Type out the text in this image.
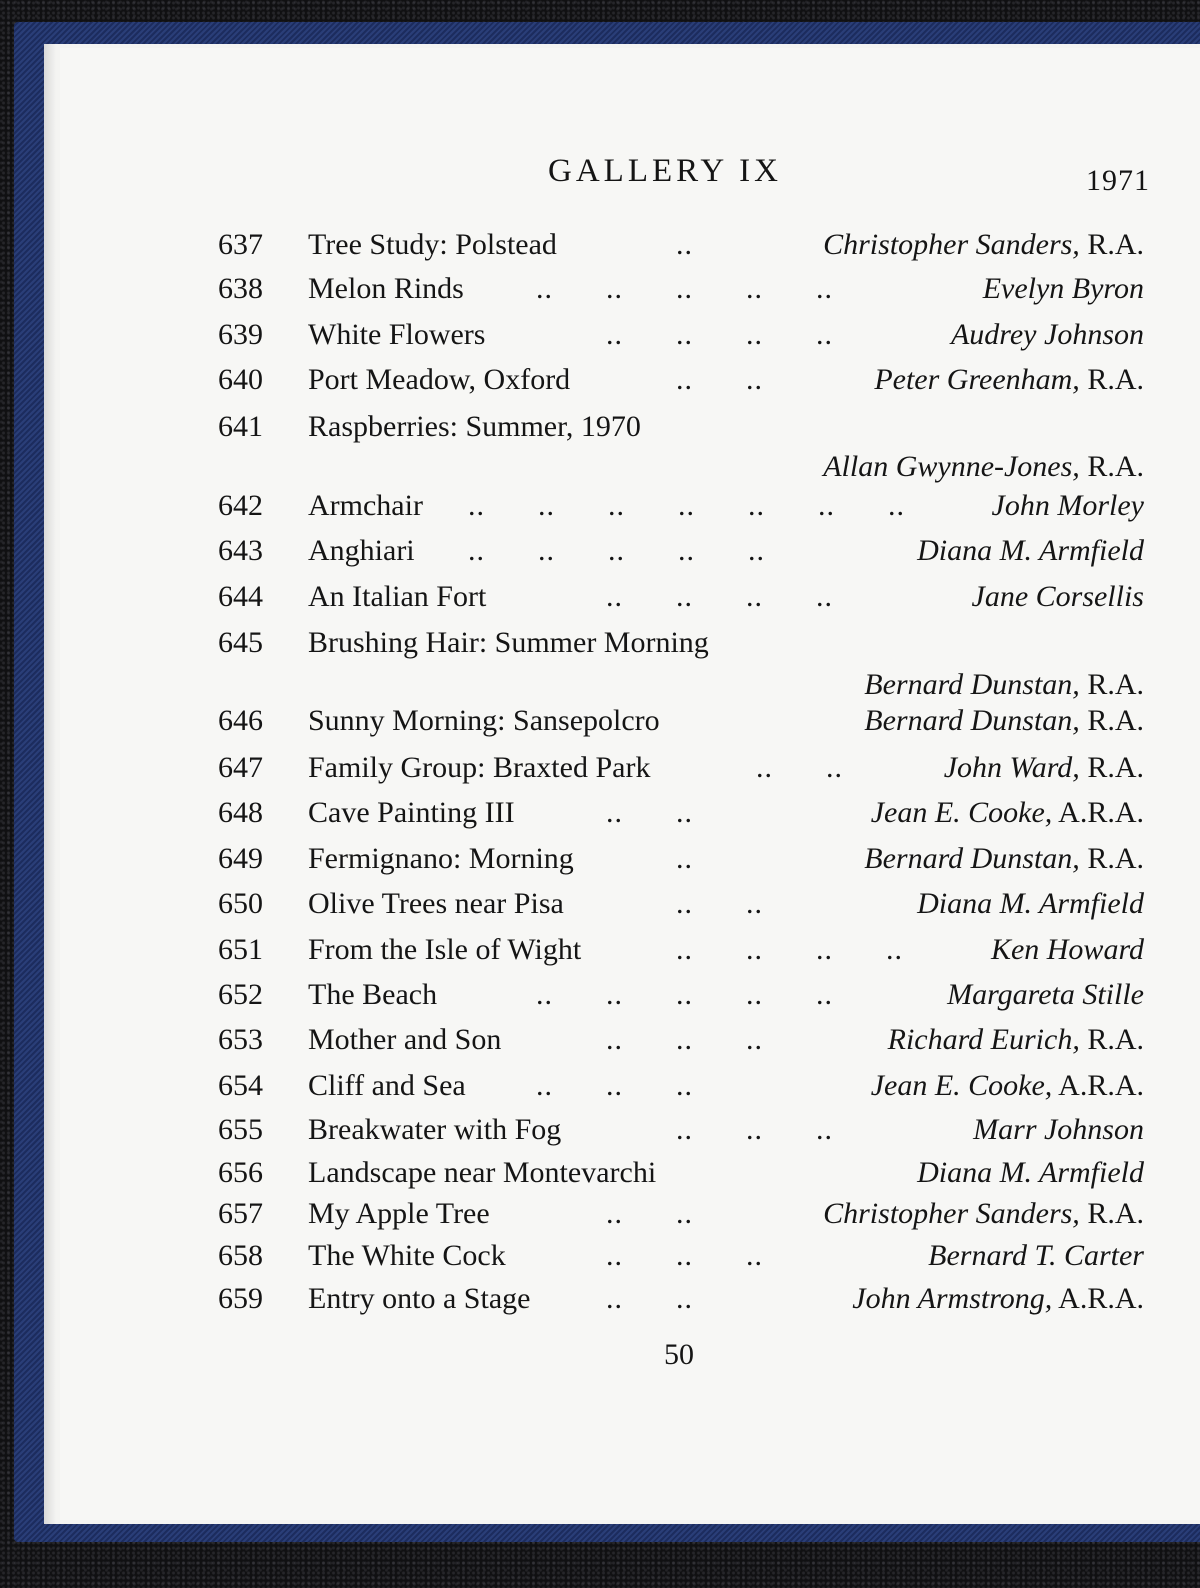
GALLERY IX	1971
637 Tree Study: Polstead	..	Christopher Sanders, R.A.
638 Melon Rinds .. .. .. .. ..	Evelyn Byron
639 White Flowers	.. .. .. ..	Audrey Johnson
640 Port Meadow, Oxford	.. ..	Peter Greenham, R.A.
641 Raspberries: Summer, 1970
Allan Gwynne-Jones, R.A.
642 Armchair .. .. .. .. .. .. ..	John Morley
643 Anghiari .. .. .. .. ..	Diana M. Armfield
644 An Italian Fort	.. .. .. ..	Jane Corsellis
645 Brushing Hair: Summer Morning
Bernard Dunstan, R.A.
646 Sunny Morning: Sansepolcro	Bernard Dunstan, R.A.
647 Family Group: Braxted Park	.. ..	John Ward, R.A.
648 Cave Painting III	.. ..	Jean E. Cooke, A.R.A.
649 Fermignano: Morning	..	Bernard Dunstan, R.A.
650 Olive Trees near Pisa	.. ..	Diana M. Armfield
651 From the Isle of Wight	.. .. .. ..	Ken Howard
652 The Beach	.. .. .. .. ..	Margareta Stille
653 Mother and Son	.. .. ..	Richard Eurich, R.A.
654 Cliff and Sea .. .. ..	Jean E. Cooke, A.R.A.
655 Breakwater with Fog	.. .. ..	Marr Johnson
656 Landscape near Montevarchi	Diana M. Armfield
657 My Apple Tree	.. ..	Christopher Sanders, R.A.
658 The White Cock	.. .. ..	Bernard T. Carter
659 Entry onto a Stage	.. ..	John Armstrong, A.R.A.
50
